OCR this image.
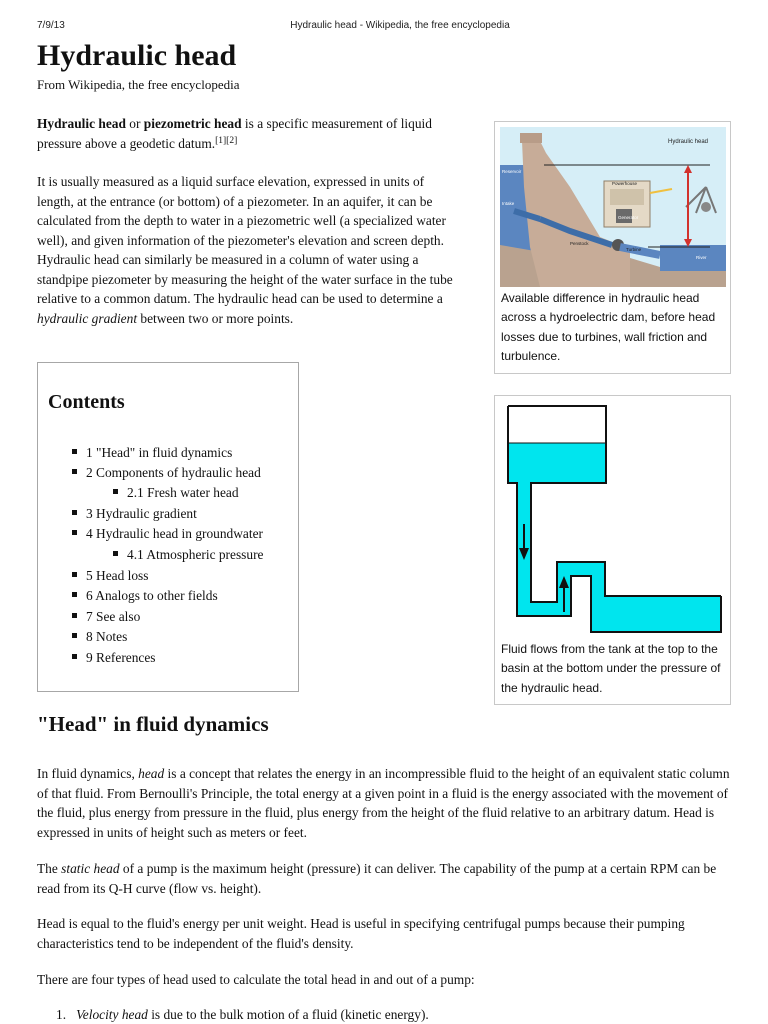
7/9/13	Hydraulic head - Wikipedia, the free encyclopedia
Hydraulic head
From Wikipedia, the free encyclopedia
Hydraulic head or piezometric head is a specific measurement of liquid pressure above a geodetic datum.[1][2]
It is usually measured as a liquid surface elevation, expressed in units of length, at the entrance (or bottom) of a piezometer. In an aquifer, it can be calculated from the depth to water in a piezometric well (a specialized water well), and given information of the piezometer's elevation and screen depth. Hydraulic head can similarly be measured in a column of water using a standpipe piezometer by measuring the height of the water surface in the tube relative to a common datum. The hydraulic head can be used to determine a hydraulic gradient between two or more points.
Contents
1 "Head" in fluid dynamics
2 Components of hydraulic head
2.1 Fresh water head
3 Hydraulic gradient
4 Hydraulic head in groundwater
4.1 Atmospheric pressure
5 Head loss
6 Analogs to other fields
7 See also
8 Notes
9 References
Hydraulic head
Reservoir
Intake
Powerhouse
Generator
Penstock
Turbine
River
Available difference in hydraulic head across a hydroelectric dam, before head losses due to turbines, wall friction and turbulence.
Fluid flows from the tank at the top to the basin at the bottom under the pressure of the hydraulic head.
"Head" in fluid dynamics
In fluid dynamics, head is a concept that relates the energy in an incompressible fluid to the height of an equivalent static column of that fluid. From Bernoulli's Principle, the total energy at a given point in a fluid is the energy associated with the movement of the fluid, plus energy from pressure in the fluid, plus energy from the height of the fluid relative to an arbitrary datum. Head is expressed in units of height such as meters or feet.
The static head of a pump is the maximum height (pressure) it can deliver. The capability of the pump at a certain RPM can be read from its Q-H curve (flow vs. height).
Head is equal to the fluid's energy per unit weight. Head is useful in specifying centrifugal pumps because their pumping characteristics tend to be independent of the fluid's density.
There are four types of head used to calculate the total head in and out of a pump:
1. Velocity head is due to the bulk motion of a fluid (kinetic energy).
